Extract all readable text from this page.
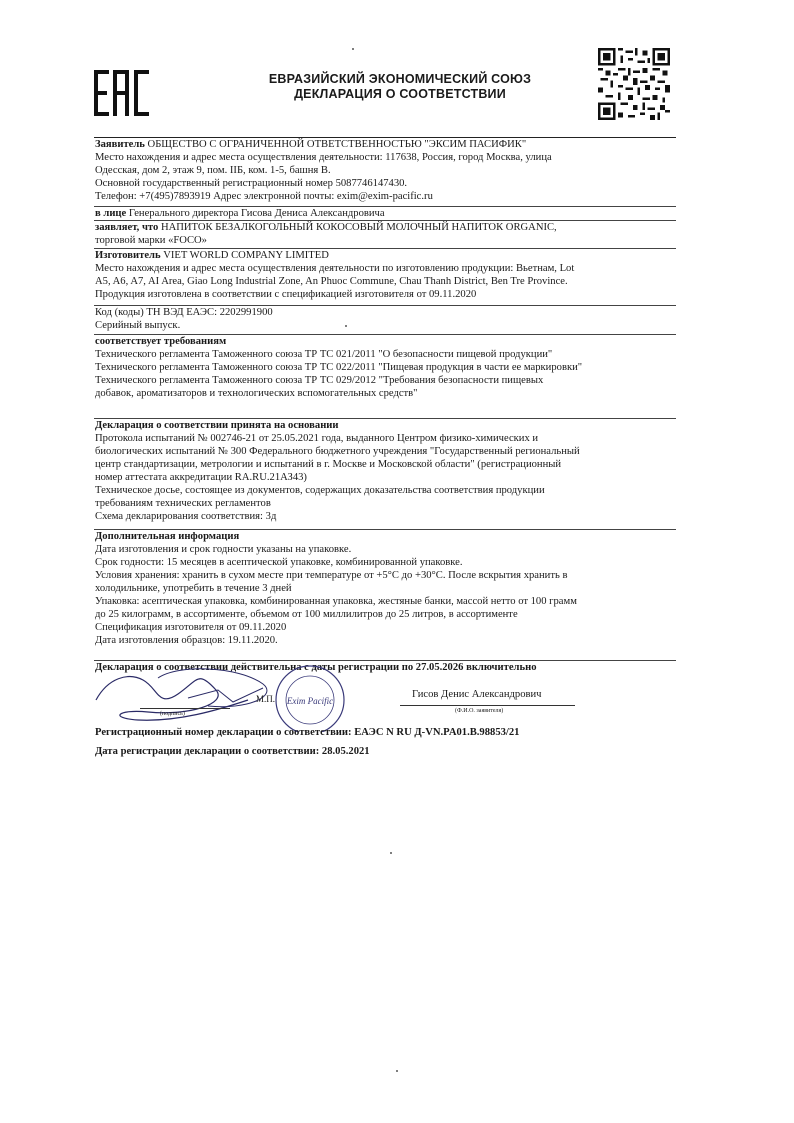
ЕВРАЗИЙСКИЙ ЭКОНОМИЧЕСКИЙ СОЮЗ
ДЕКЛАРАЦИЯ О СООТВЕТСТВИИ
Заявитель ОБЩЕСТВО С ОГРАНИЧЕННОЙ ОТВЕТСТВЕННОСТЬЮ "ЭКСИМ ПАСИФИК"
Место нахождения и адрес места осуществления деятельности: 117638, Россия, город Москва, улица
Одесская, дом 2, этаж 9, пом. IIБ, ком. 1-5, башня В.
Основной государственный регистрационный номер 5087746147430.
Телефон: +7(495)7893919 Адрес электронной почты: exim@exim-pacific.ru
в лице Генерального директора Гисова Дениса Александровича
заявляет, что НАПИТОК БЕЗАЛКОГОЛЬНЫЙ КОКОСОВЫЙ МОЛОЧНЫЙ НАПИТОК ORGANIC,
торговой марки «FOCO»
Изготовитель VIET WORLD COMPANY LIMITED
Место нахождения и адрес места осуществления деятельности по изготовлению продукции: Вьетнам, Lot
A5, A6, A7, AI Area, Giao Long Industrial Zone, An Phuoc Commune, Chau Thanh District, Ben Tre Province.
Продукция изготовлена в соответствии с спецификацией изготовителя от 09.11.2020
Код (коды) ТН ВЭД ЕАЭС: 2202991900
Серийный выпуск.
соответствует требованиям
Технического регламента Таможенного союза ТР ТС 021/2011 "О безопасности пищевой продукции"
Технического регламента Таможенного союза ТР ТС 022/2011 "Пищевая продукция в части ее маркировки"
Технического регламента Таможенного союза ТР ТС 029/2012 "Требования безопасности пищевых
добавок, ароматизаторов и технологических вспомогательных средств"
Декларация о соответствии принята на основании
Протокола испытаний № 002746-21 от 25.05.2021 года, выданного Центром физико-химических и
биологических испытаний № 300 Федерального бюджетного учреждения "Государственный региональный
центр стандартизации, метрологии и испытаний в г. Москве и Московской области" (регистрационный
номер аттестата аккредитации RA.RU.21АЗ43)
Техническое досье, состоящее из документов, содержащих доказательства соответствия продукции
требованиям технических регламентов
Схема декларирования соответствия: 3д
Дополнительная информация
Дата изготовления и срок годности указаны на упаковке.
Срок годности: 15 месяцев в асептической упаковке, комбинированной упаковке.
Условия хранения: хранить в сухом месте при температуре от +5°С до +30°С. После вскрытия хранить в
холодильнике, употребить в течение 3 дней
Упаковка: асептическая упаковка, комбинированная упаковка, жестяные банки, массой нетто от 100 грамм
до 25 килограмм, в ассортименте, объемом от 100 миллилитров до 25 литров, в ассортименте
Спецификация изготовителя от 09.11.2020
Дата изготовления образцов: 19.11.2020.
Декларация о соответствии действительна с даты регистрации по 27.05.2026 включительно
Exim Pacific
М.П.
(подпись)
Гисов Денис Александрович
(Ф.И.О. заявителя)
Регистрационный номер декларации о соответствии: ЕАЭС N RU Д-VN.PA01.B.98853/21
Дата регистрации декларации о соответствии: 28.05.2021
